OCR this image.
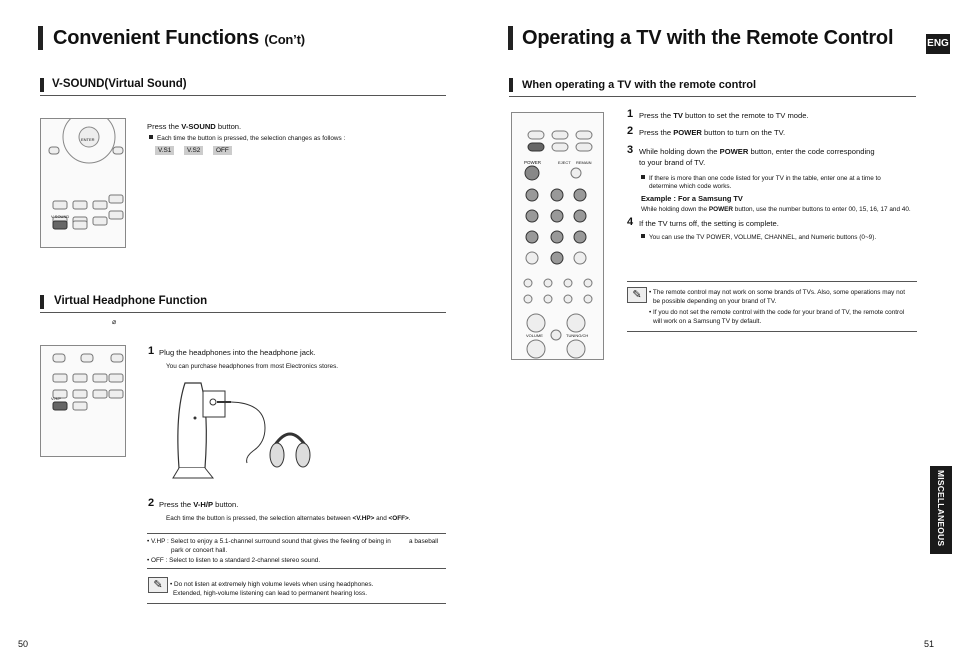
Convenient Functions (Con’t)
V-SOUND(Virtual Sound)
ENTER
V-SOUND
Press the V-SOUND button.
Each time the button is pressed, the selection changes as follows :
V.S1	V.S2	OFF
Virtual Headphone Function
⌀
V.H/P
1 Plug the headphones into the headphone jack.
You can purchase headphones from most Electronics stores.
2 Press the V-H/P button.
Each time the button is pressed, the selection alternates between <V.HP> and <OFF>.
• V.HP : Select to enjoy a 5.1-channel surround sound that gives the feeling of being in	a baseball
park or concert hall.
• OFF : Select to listen to a standard 2-channel stereo sound.
✎	• Do not listen at extremely high volume levels when using headphones.
Extended, high-volume listening can lead to permanent hearing loss.
50
Operating a TV with the Remote Control	ENG
When operating a TV with the remote control
POWER	EJECT REMAIN
VOLUME	TUNING/CH
1 Press the TV button to set the remote to TV mode.
2 Press the POWER button to turn on the TV.
3 While holding down the POWER button, enter the code corresponding
to your brand of TV.
If there is more than one code listed for your TV in the table, enter one at a time to
determine which code works.
Example : For a Samsung TV
While holding down the POWER button, use the number buttons to enter 00, 15, 16, 17 and 40.
4 If the TV turns off, the setting is complete.
You can use the TV POWER, VOLUME, CHANNEL, and Numeric buttons (0~9).
✎	• The remote control may not work on some brands of TVs. Also, some operations may not
be possible depending on your brand of TV.
• If you do not set the remote control with the code for your brand of TV, the remote control
will work on a Samsung TV by default.
MISCELLANEOUS
51
